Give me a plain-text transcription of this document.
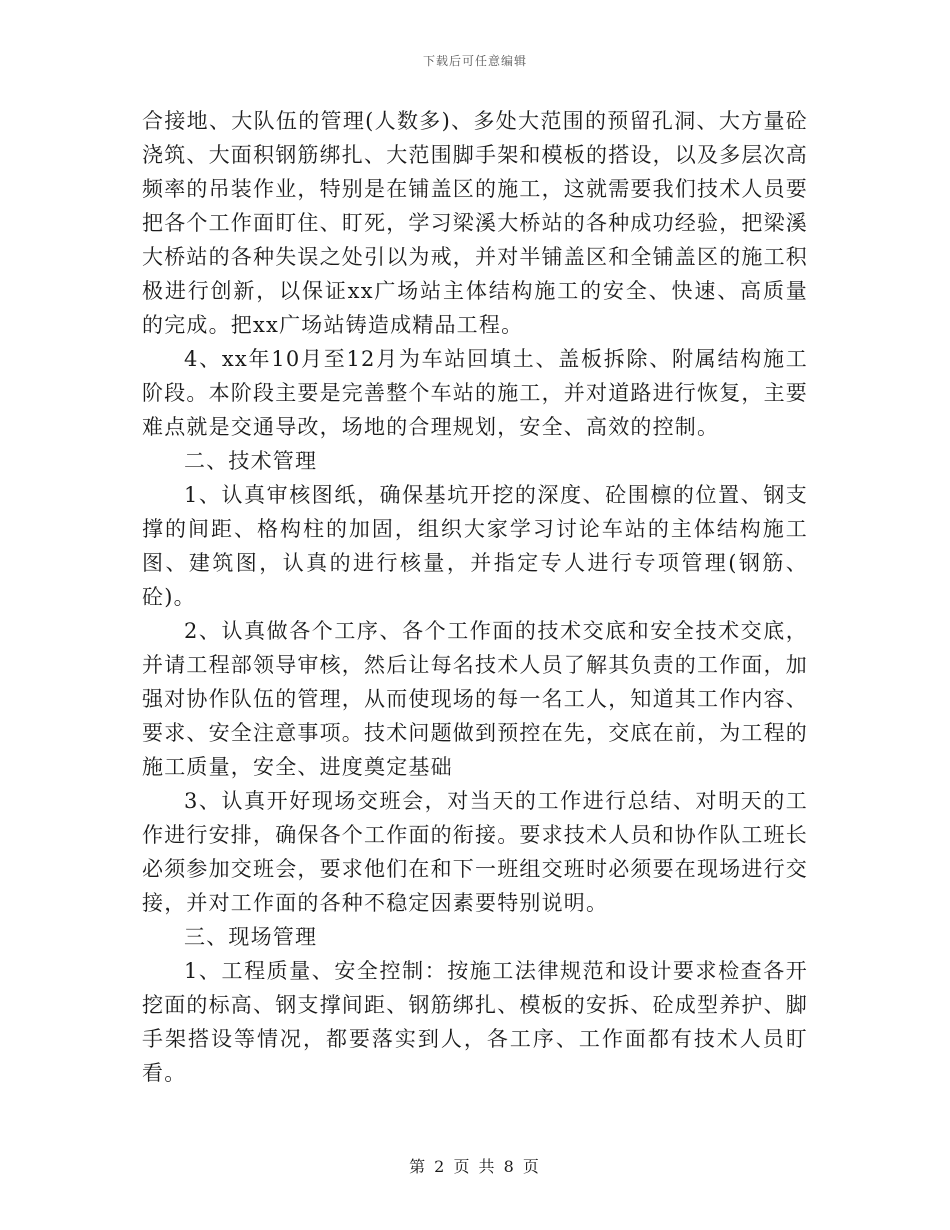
下载后可任意编辑

合接地、大队伍的管理(人数多)、多处大范围的预留孔洞、大方量砼浇筑、大面积钢筋绑扎、大范围脚手架和模板的搭设，以及多层次高频率的吊装作业，特别是在铺盖区的施工，这就需要我们技术人员要把各个工作面盯住、盯死，学习梁溪大桥站的各种成功经验，把梁溪大桥站的各种失误之处引以为戒，并对半铺盖区和全铺盖区的施工积极进行创新，以保证xx广场站主体结构施工的安全、快速、高质量的完成。把xx广场站铸造成精品工程。

4、xx年10月至12月为车站回填土、盖板拆除、附属结构施工阶段。本阶段主要是完善整个车站的施工，并对道路进行恢复，主要难点就是交通导改，场地的合理规划，安全、高效的控制。

二、技术管理

1、认真审核图纸，确保基坑开挖的深度、砼围檩的位置、钢支撑的间距、格构柱的加固，组织大家学习讨论车站的主体结构施工图、建筑图，认真的进行核量，并指定专人进行专项管理(钢筋、砼)。

2、认真做各个工序、各个工作面的技术交底和安全技术交底，并请工程部领导审核，然后让每名技术人员了解其负责的工作面，加强对协作队伍的管理，从而使现场的每一名工人，知道其工作内容、要求、安全注意事项。技术问题做到预控在先，交底在前，为工程的施工质量，安全、进度奠定基础

3、认真开好现场交班会，对当天的工作进行总结、对明天的工作进行安排，确保各个工作面的衔接。要求技术人员和协作队工班长必须参加交班会，要求他们在和下一班组交班时必须要在现场进行交接，并对工作面的各种不稳定因素要特别说明。

三、现场管理

1、工程质量、安全控制：按施工法律规范和设计要求检查各开挖面的标高、钢支撑间距、钢筋绑扎、模板的安拆、砼成型养护、脚手架搭设等情况，都要落实到人，各工序、工作面都有技术人员盯看。

第 2 页 共 8 页
